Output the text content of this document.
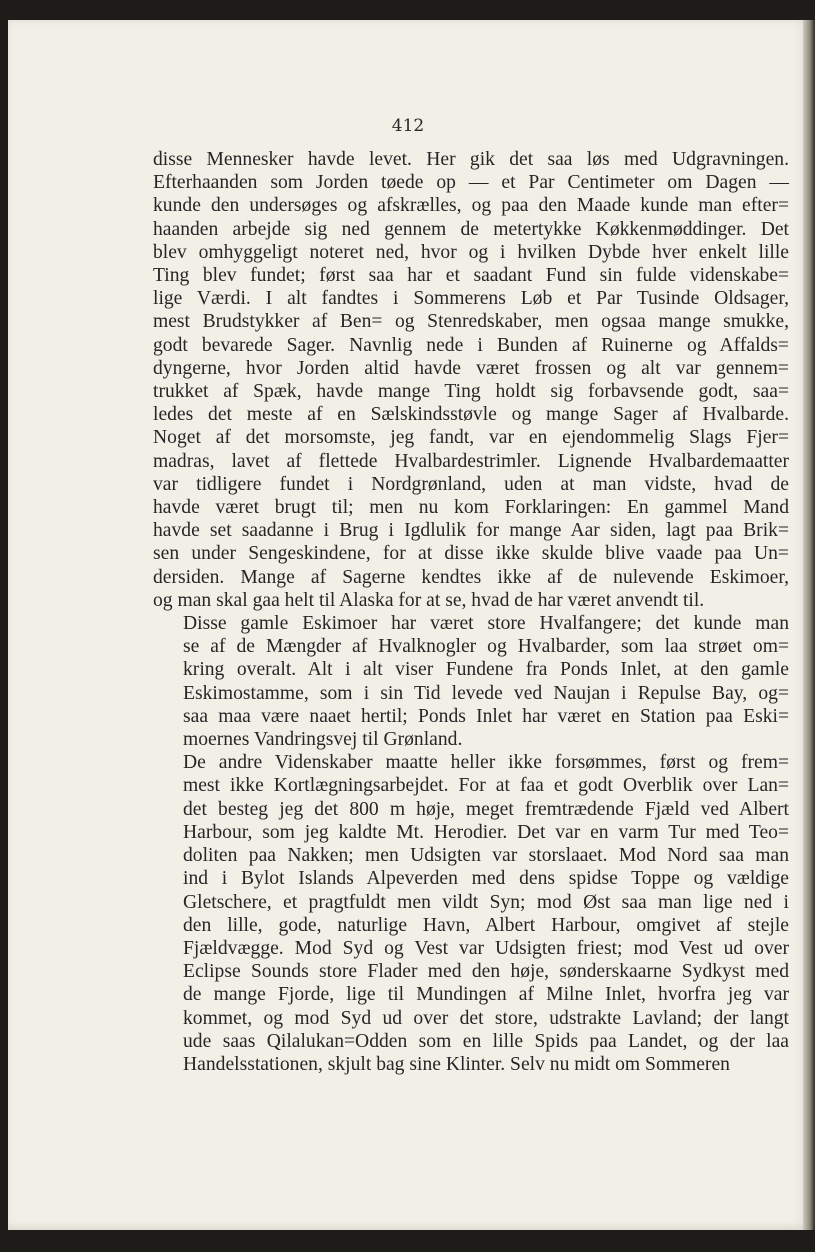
412

disse Mennesker havde levet. Her gik det saa løs med Udgravningen.
Efterhaanden som Jorden tøede op — et Par Centimeter om Dagen —
kunde den undersøges og afskrælles, og paa den Maade kunde man efter=
haanden arbejde sig ned gennem de metertykke Køkkenmøddinger. Det
blev omhyggeligt noteret ned, hvor og i hvilken Dybde hver enkelt lille
Ting blev fundet; først saa har et saadant Fund sin fulde videnskabe=
lige Værdi. I alt fandtes i Sommerens Løb et Par Tusinde Oldsager,
mest Brudstykker af Ben= og Stenredskaber, men ogsaa mange smukke,
godt bevarede Sager. Navnlig nede i Bunden af Ruinerne og Affalds=
dyngerne, hvor Jorden altid havde været frossen og alt var gennem=
trukket af Spæk, havde mange Ting holdt sig forbavsende godt, saa=
ledes det meste af en Sælskindsstøvle og mange Sager af Hvalbarde.
Noget af det morsomste, jeg fandt, var en ejendommelig Slags Fjer=
madras, lavet af flettede Hvalbardestrimler. Lignende Hvalbardemaatter
var tidligere fundet i Nordgrønland, uden at man vidste, hvad de
havde været brugt til; men nu kom Forklaringen: En gammel Mand
havde set saadanne i Brug i Igdlulik for mange Aar siden, lagt paa Brik=
sen under Sengeskindene, for at disse ikke skulde blive vaade paa Un=
dersiden. Mange af Sagerne kendtes ikke af de nulevende Eskimoer,
og man skal gaa helt til Alaska for at se, hvad de har været anvendt til.

Disse gamle Eskimoer har været store Hvalfangere; det kunde man
se af de Mængder af Hvalknogler og Hvalbarder, som laa strøet om=
kring overalt. Alt i alt viser Fundene fra Ponds Inlet, at den gamle
Eskimostamme, som i sin Tid levede ved Naujan i Repulse Bay, og=
saa maa være naaet hertil; Ponds Inlet har været en Station paa Eski=
moernes Vandringsvej til Grønland.

De andre Videnskaber maatte heller ikke forsømmes, først og frem=
mest ikke Kortlægningsarbejdet. For at faa et godt Overblik over Lan=
det besteg jeg det 800 m høje, meget fremtrædende Fjæld ved Albert
Harbour, som jeg kaldte Mt. Herodier. Det var en varm Tur med Teo=
doliten paa Nakken; men Udsigten var storslaaet. Mod Nord saa man
ind i Bylot Islands Alpeverden med dens spidse Toppe og vældige
Gletschere, et pragtfuldt men vildt Syn; mod Øst saa man lige ned i
den lille, gode, naturlige Havn, Albert Harbour, omgivet af stejle
Fjældvægge. Mod Syd og Vest var Udsigten friest; mod Vest ud over
Eclipse Sounds store Flader med den høje, sønderskaarne Sydkyst med
de mange Fjorde, lige til Mundingen af Milne Inlet, hvorfra jeg var
kommet, og mod Syd ud over det store, udstrakte Lavland; der langt
ude saas Qilalukan=Odden som en lille Spids paa Landet, og der laa
Handelsstationen, skjult bag sine Klinter. Selv nu midt om Sommeren
